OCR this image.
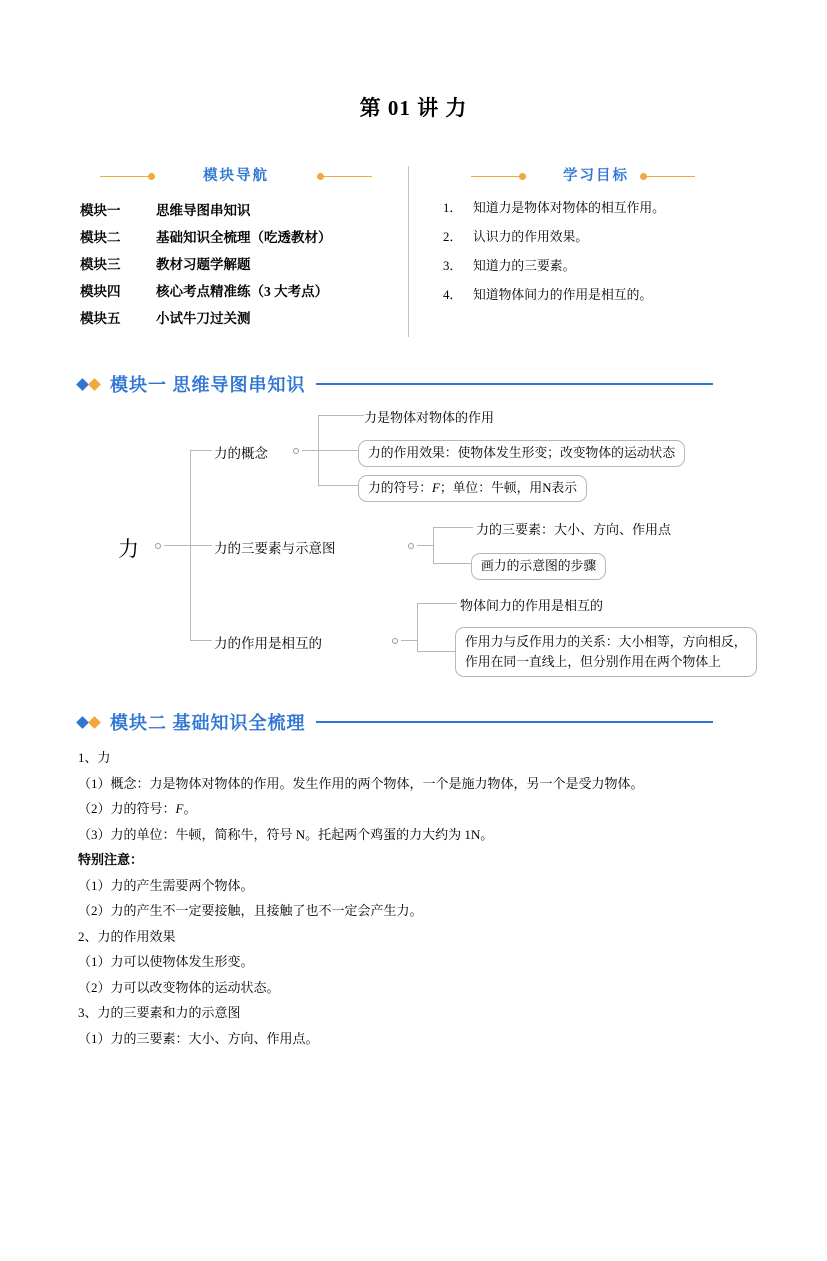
第 01 讲 力
模块导航
模块一	思维导图串知识
模块二	基础知识全梳理（吃透教材）
模块三	教材习题学解题
模块四	核心考点精准练（3 大考点）
模块五	小试牛刀过关测
学习目标
1． 知道力是物体对物体的相互作用。
2． 认识力的作用效果。
3． 知道力的三要素。
4． 知道物体间力的作用是相互的。
模块一 思维导图串知识
力
力的概念
力是物体对物体的作用
力的作用效果：使物体发生形变；改变物体的运动状态
力的符号：F；单位：牛顿，用N表示
力的三要素与示意图
力的三要素：大小、方向、作用点
画力的示意图的步骤
力的作用是相互的
物体间力的作用是相互的
作用力与反作用力的关系：大小相等，方向相反，
作用在同一直线上，但分别作用在两个物体上
模块二 基础知识全梳理

1、力

（1）概念：力是物体对物体的作用。发生作用的两个物体，一个是施力物体，另一个是受力物体。

（2）力的符号：F。

（3）力的单位：牛顿，简称牛，符号 N。托起两个鸡蛋的力大约为 1N。

特别注意：

（1）力的产生需要两个物体。

（2）力的产生不一定要接触，且接触了也不一定会产生力。

2、力的作用效果

（1）力可以使物体发生形变。

（2）力可以改变物体的运动状态。

3、力的三要素和力的示意图

（1）力的三要素：大小、方向、作用点。
